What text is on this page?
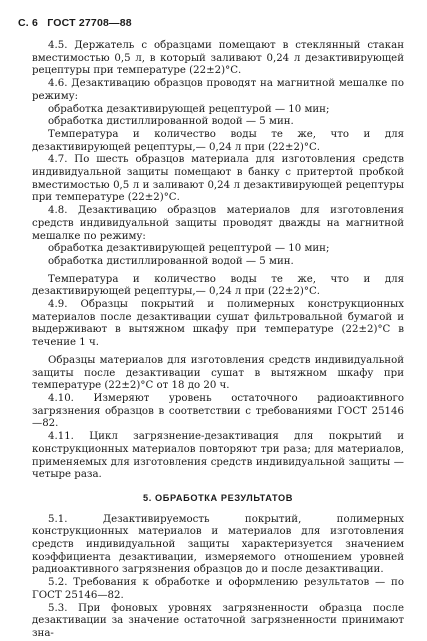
С. 6 ГОСТ 27708—88

4.5. Держатель с образцами помещают в стеклянный стакан вместимостью 0,5 л, в который заливают 0,24 л дезактивирующей рецептуры при температуре (22±2)°С.

4.6. Дезактивацию образцов проводят на магнитной мешалке по режиму:

обработка дезактивирующей рецептурой — 10 мин;

обработка дистиллированной водой — 5 мин.

Температура и количество воды те же, что и для дезактивирующей рецептуры,— 0,24 л при (22±2)°С.

4.7. По шесть образцов материала для изготовления средств индивидуальной защиты помещают в банку с притертой пробкой вместимостью 0,5 л и заливают 0,24 л дезактивирующей рецептуры при температуре (22±2)°С.

4.8. Дезактивацию образцов материалов для изготовления средств индивидуальной защиты проводят дважды на магнитной мешалке по режиму:

обработка дезактивирующей рецептурой — 10 мин;

обработка дистиллированной водой — 5 мин.

Температура и количество воды те же, что и для дезактивирующей рецептуры,— 0,24 л при (22±2)°С.

4.9. Образцы покрытий и полимерных конструкционных материалов после дезактивации сушат фильтровальной бумагой и выдерживают в вытяжном шкафу при температуре (22±2)°С в течение 1 ч.

Образцы материалов для изготовления средств индивидуальной защиты после дезактивации сушат в вытяжном шкафу при температуре (22±2)°С от 18 до 20 ч.

4.10. Измеряют уровень остаточного радиоактивного загрязнения образцов в соответствии с требованиями ГОСТ 25146—82.

4.11. Цикл загрязнение-дезактивация для покрытий и конструкционных материалов повторяют три раза; для материалов, применяемых для изготовления средств индивидуальной защиты — четыре раза.

5. ОБРАБОТКА РЕЗУЛЬТАТОВ

5.1. Дезактивируемость покрытий, полимерных конструкционных материалов и материалов для изготовления средств индивидуальной защиты характеризуется значением коэффициента дезактивации, измеряемого отношением уровней радиоактивного загрязнения образцов до и после дезактивации.

5.2. Требования к обработке и оформлению результатов — по ГОСТ 25146—82.

5.3. При фоновых уровнях загрязненности образца после дезактивации за значение остаточной загрязненности принимают зна-
